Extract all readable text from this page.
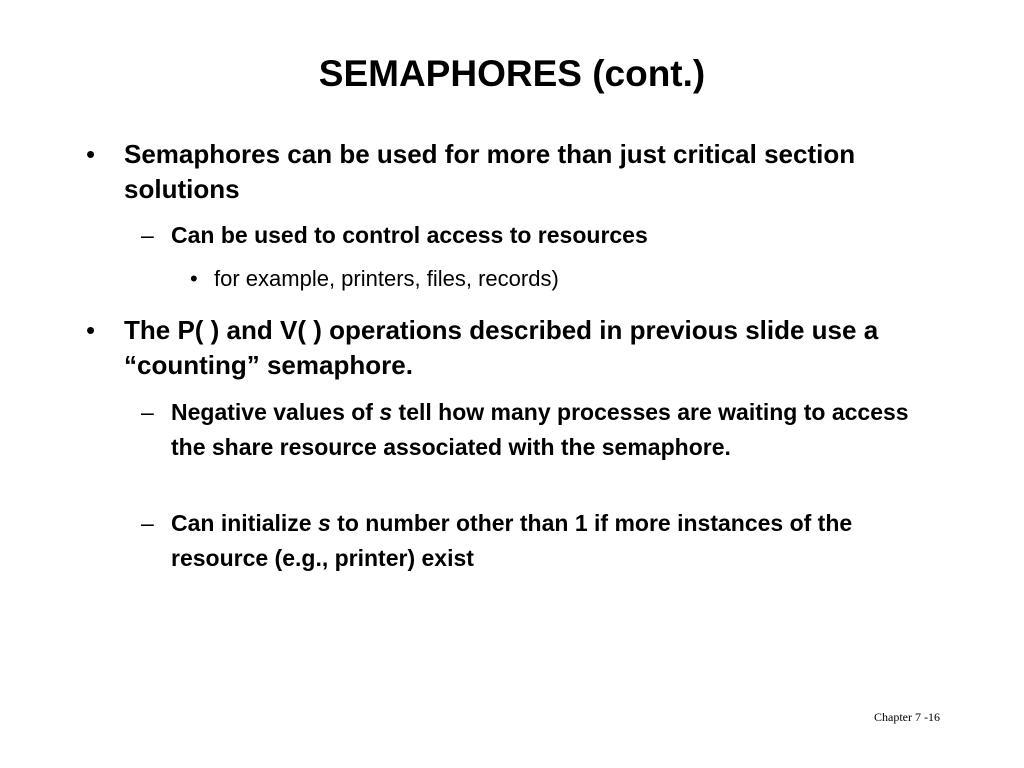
SEMAPHORES (cont.)
• Semaphores can be used for more than just critical section solutions
– Can be used to control access to resources
• for example, printers, files, records)
• The P( ) and V( ) operations described in previous slide use a “counting” semaphore.
– Negative values of s tell how many processes are waiting to access the share resource associated with the semaphore.
– Can initialize s to number other than 1 if more instances of the resource (e.g., printer) exist
Chapter 7 -16
